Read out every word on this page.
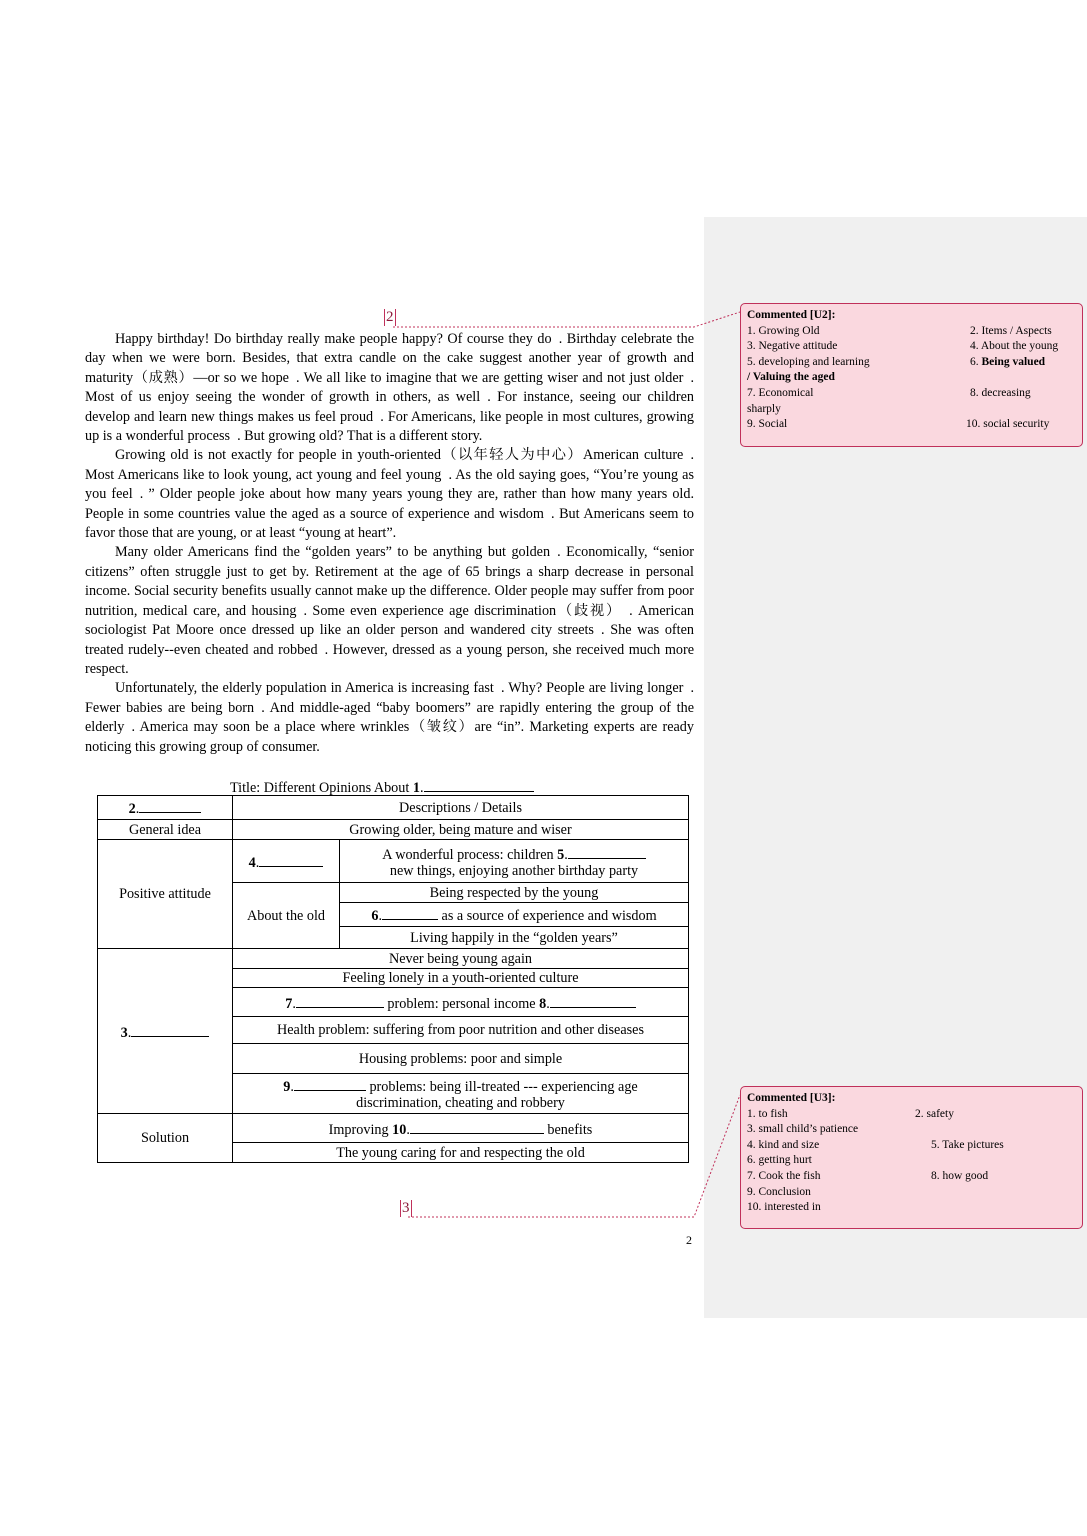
2

Happy birthday! Do birthday really make people happy? Of course they do . Birthday celebrate the day when we were born. Besides, that extra candle on the cake suggest another year of growth and maturity（成熟）—or so we hope . We all like to imagine that we are getting wiser and not just older . Most of us enjoy seeing the wonder of growth in others, as well . For instance, seeing our children develop and learn new things makes us feel proud . For Americans, like people in most cultures, growing up is a wonderful process . But growing old? That is a different story.

Growing old is not exactly for people in youth-oriented（以年轻人为中心）American culture . Most Americans like to look young, act young and feel young . As the old saying goes, “You’re young as you feel . ” Older people joke about how many years young they are, rather than how many years old. People in some countries value the aged as a source of experience and wisdom . But Americans seem to favor those that are young, or at least “young at heart”.

Many older Americans find the “golden years” to be anything but golden . Economically, “senior citizens” often struggle just to get by. Retirement at the age of 65 brings a sharp decrease in personal income. Social security benefits usually cannot make up the difference. Older people may suffer from poor nutrition, medical care, and housing . Some even experience age discrimination（歧视） . American sociologist Pat Moore once dressed up like an older person and wandered city streets . She was often treated rudely--even cheated and robbed . However, dressed as a young person, she received much more respect.

Unfortunately, the elderly population in America is increasing fast . Why? People are living longer . Fewer babies are being born . And middle-aged “baby boomers” are rapidly entering the group of the elderly . America may soon be a place where wrinkles（皱纹）are “in”. Marketing experts are ready noticing this growing group of consumer.

Title: Different Opinions About 1.
2.	Descriptions / Details	
General idea	Growing older, being mature and wiser	
Positive attitude	4.	A wonderful process: children 5.
new things, enjoying another birthday party
	About the old	Being respected by the young
		6. as a source of experience and wisdom
		Living happily in the “golden years”
3.	Never being young again	
	Feeling lonely in a youth-oriented culture	
	7. problem: personal income 8.	
	Health problem: suffering from poor nutrition and other diseases	
	Housing problems: poor and simple	
	9. problems: being ill-treated --- experiencing age
discrimination, cheating and robbery	
Solution	Improving 10. benefits	
	The young caring for and respecting the old	
3
2
Commented [U2]:
1. Growing Old	2. Items / Aspects
3. Negative attitude	4. About the young
5. developing and learning	6. Being valued
/ Valuing the aged
7. Economical	8. decreasing
sharply
9. Social	10. social security
Commented [U3]:
1. to fish	2. safety
3. small child’s patience
4. kind and size	5. Take pictures
6. getting hurt
7. Cook the fish	8. how good
9. Conclusion
10. interested in
